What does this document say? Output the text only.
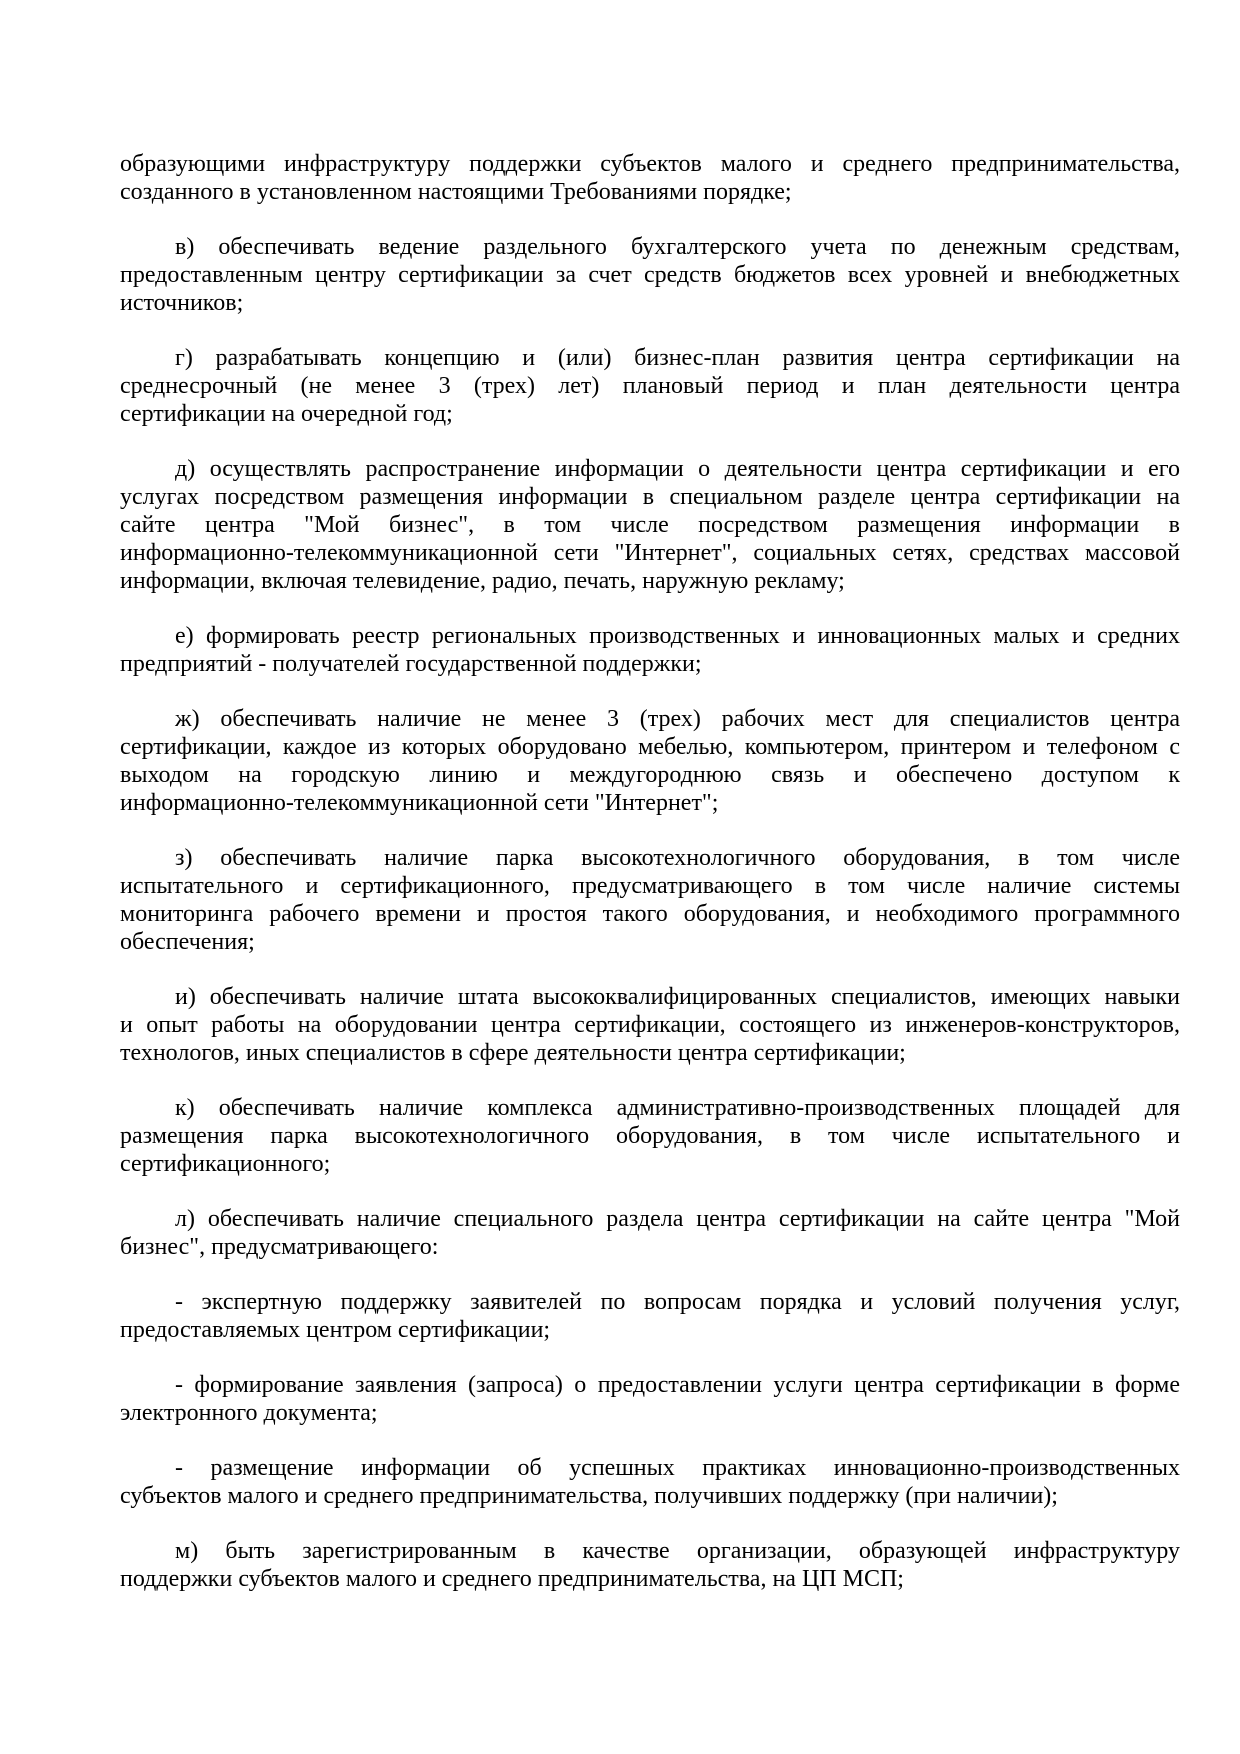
образующими инфраструктуру поддержки субъектов малого и среднего предпринимательства,
созданного в установленном настоящими Требованиями порядке;
в) обеспечивать ведение раздельного бухгалтерского учета по денежным средствам,
предоставленным центру сертификации за счет средств бюджетов всех уровней и внебюджетных
источников;
г) разрабатывать концепцию и (или) бизнес-план развития центра сертификации на
среднесрочный (не менее 3 (трех) лет) плановый период и план деятельности центра
сертификации на очередной год;
д) осуществлять распространение информации о деятельности центра сертификации и его
услугах посредством размещения информации в специальном разделе центра сертификации на
сайте центра "Мой бизнес", в том числе посредством размещения информации в
информационно-телекоммуникационной сети "Интернет", социальных сетях, средствах массовой
информации, включая телевидение, радио, печать, наружную рекламу;
е) формировать реестр региональных производственных и инновационных малых и средних
предприятий - получателей государственной поддержки;
ж) обеспечивать наличие не менее 3 (трех) рабочих мест для специалистов центра
сертификации, каждое из которых оборудовано мебелью, компьютером, принтером и телефоном с
выходом на городскую линию и междугороднюю связь и обеспечено доступом к
информационно-телекоммуникационной сети "Интернет";
з) обеспечивать наличие парка высокотехнологичного оборудования, в том числе
испытательного и сертификационного, предусматривающего в том числе наличие системы
мониторинга рабочего времени и простоя такого оборудования, и необходимого программного
обеспечения;
и) обеспечивать наличие штата высококвалифицированных специалистов, имеющих навыки
и опыт работы на оборудовании центра сертификации, состоящего из инженеров-конструкторов,
технологов, иных специалистов в сфере деятельности центра сертификации;
к) обеспечивать наличие комплекса административно-производственных площадей для
размещения парка высокотехнологичного оборудования, в том числе испытательного и
сертификационного;
л) обеспечивать наличие специального раздела центра сертификации на сайте центра "Мой
бизнес", предусматривающего:
- экспертную поддержку заявителей по вопросам порядка и условий получения услуг,
предоставляемых центром сертификации;
- формирование заявления (запроса) о предоставлении услуги центра сертификации в форме
электронного документа;
- размещение информации об успешных практиках инновационно-производственных
субъектов малого и среднего предпринимательства, получивших поддержку (при наличии);
м) быть зарегистрированным в качестве организации, образующей инфраструктуру
поддержки субъектов малого и среднего предпринимательства, на ЦП МСП;
